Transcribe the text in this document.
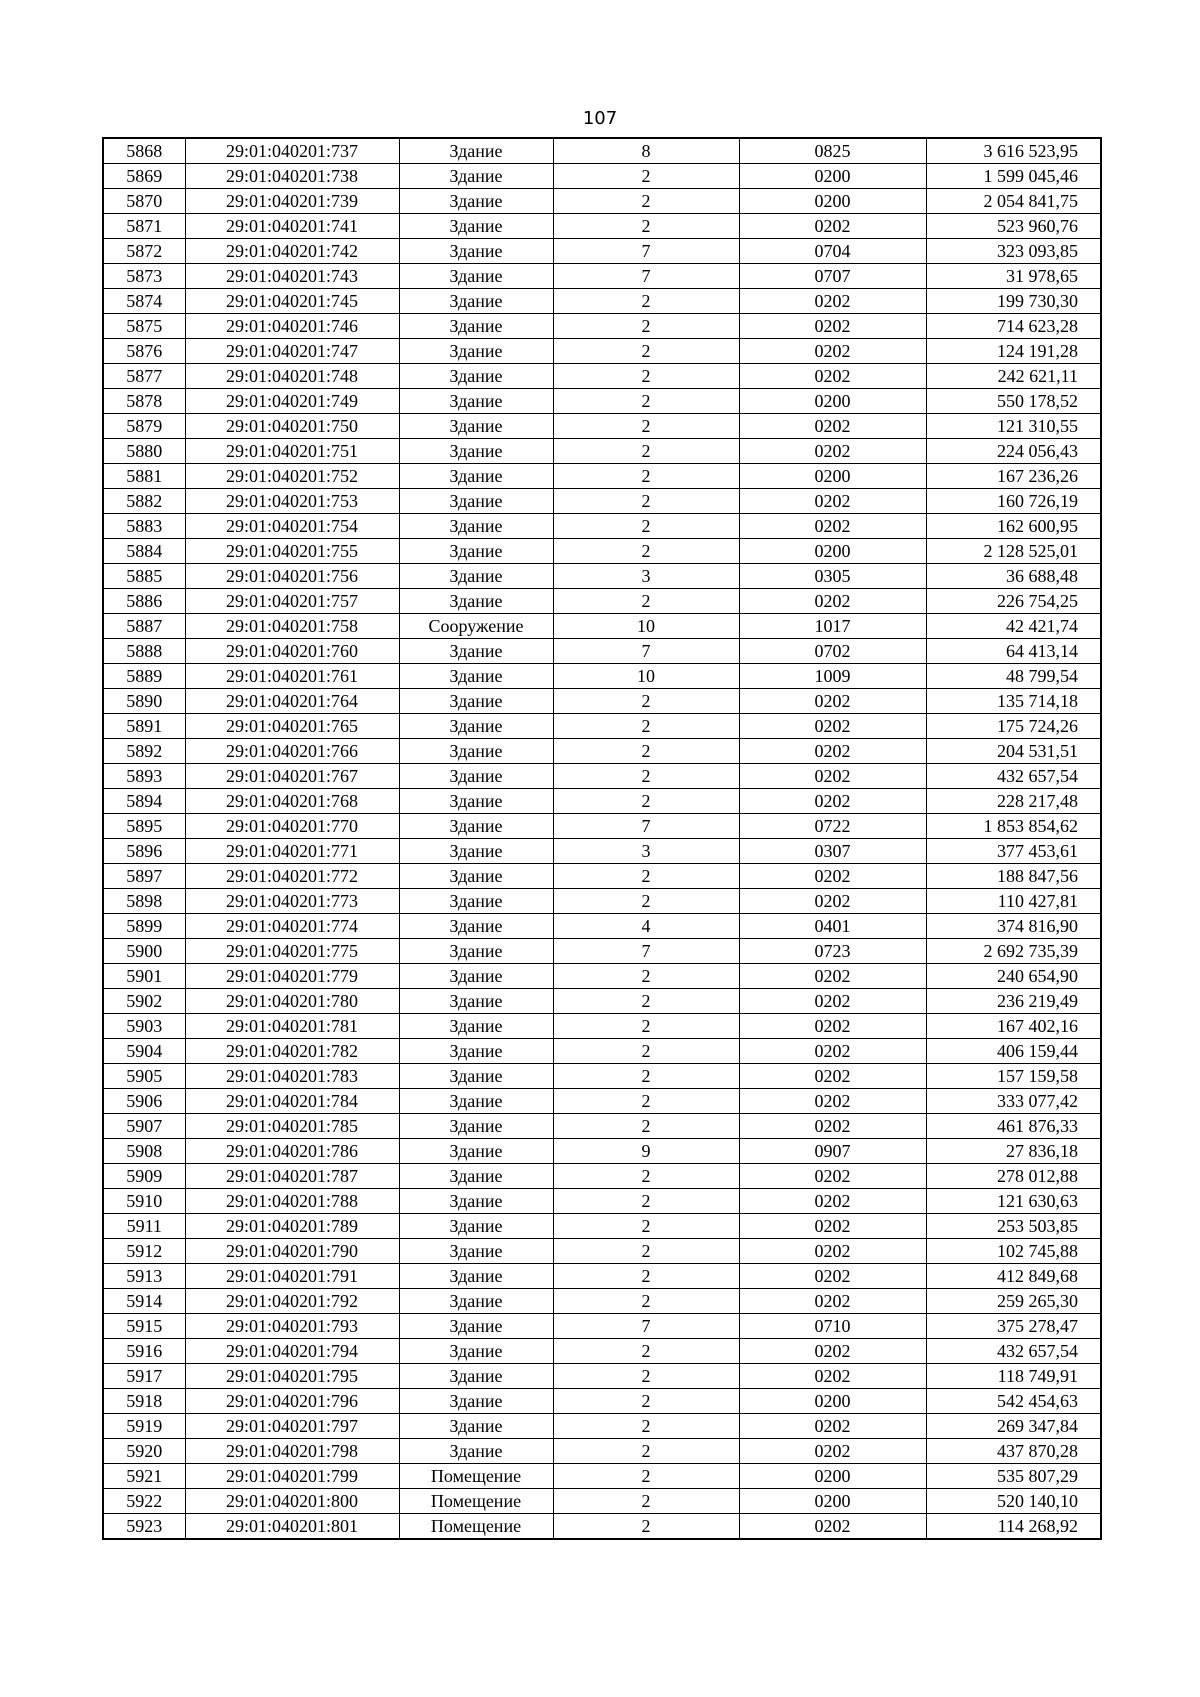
107
5868	29:01:040201:737	Здание	8	0825	3 616 523,95
5869	29:01:040201:738	Здание	2	0200	1 599 045,46
5870	29:01:040201:739	Здание	2	0200	2 054 841,75
5871	29:01:040201:741	Здание	2	0202	523 960,76
5872	29:01:040201:742	Здание	7	0704	323 093,85
5873	29:01:040201:743	Здание	7	0707	31 978,65
5874	29:01:040201:745	Здание	2	0202	199 730,30
5875	29:01:040201:746	Здание	2	0202	714 623,28
5876	29:01:040201:747	Здание	2	0202	124 191,28
5877	29:01:040201:748	Здание	2	0202	242 621,11
5878	29:01:040201:749	Здание	2	0200	550 178,52
5879	29:01:040201:750	Здание	2	0202	121 310,55
5880	29:01:040201:751	Здание	2	0202	224 056,43
5881	29:01:040201:752	Здание	2	0200	167 236,26
5882	29:01:040201:753	Здание	2	0202	160 726,19
5883	29:01:040201:754	Здание	2	0202	162 600,95
5884	29:01:040201:755	Здание	2	0200	2 128 525,01
5885	29:01:040201:756	Здание	3	0305	36 688,48
5886	29:01:040201:757	Здание	2	0202	226 754,25
5887	29:01:040201:758	Сооружение	10	1017	42 421,74
5888	29:01:040201:760	Здание	7	0702	64 413,14
5889	29:01:040201:761	Здание	10	1009	48 799,54
5890	29:01:040201:764	Здание	2	0202	135 714,18
5891	29:01:040201:765	Здание	2	0202	175 724,26
5892	29:01:040201:766	Здание	2	0202	204 531,51
5893	29:01:040201:767	Здание	2	0202	432 657,54
5894	29:01:040201:768	Здание	2	0202	228 217,48
5895	29:01:040201:770	Здание	7	0722	1 853 854,62
5896	29:01:040201:771	Здание	3	0307	377 453,61
5897	29:01:040201:772	Здание	2	0202	188 847,56
5898	29:01:040201:773	Здание	2	0202	110 427,81
5899	29:01:040201:774	Здание	4	0401	374 816,90
5900	29:01:040201:775	Здание	7	0723	2 692 735,39
5901	29:01:040201:779	Здание	2	0202	240 654,90
5902	29:01:040201:780	Здание	2	0202	236 219,49
5903	29:01:040201:781	Здание	2	0202	167 402,16
5904	29:01:040201:782	Здание	2	0202	406 159,44
5905	29:01:040201:783	Здание	2	0202	157 159,58
5906	29:01:040201:784	Здание	2	0202	333 077,42
5907	29:01:040201:785	Здание	2	0202	461 876,33
5908	29:01:040201:786	Здание	9	0907	27 836,18
5909	29:01:040201:787	Здание	2	0202	278 012,88
5910	29:01:040201:788	Здание	2	0202	121 630,63
5911	29:01:040201:789	Здание	2	0202	253 503,85
5912	29:01:040201:790	Здание	2	0202	102 745,88
5913	29:01:040201:791	Здание	2	0202	412 849,68
5914	29:01:040201:792	Здание	2	0202	259 265,30
5915	29:01:040201:793	Здание	7	0710	375 278,47
5916	29:01:040201:794	Здание	2	0202	432 657,54
5917	29:01:040201:795	Здание	2	0202	118 749,91
5918	29:01:040201:796	Здание	2	0200	542 454,63
5919	29:01:040201:797	Здание	2	0202	269 347,84
5920	29:01:040201:798	Здание	2	0202	437 870,28
5921	29:01:040201:799	Помещение	2	0200	535 807,29
5922	29:01:040201:800	Помещение	2	0200	520 140,10
5923	29:01:040201:801	Помещение	2	0202	114 268,92
